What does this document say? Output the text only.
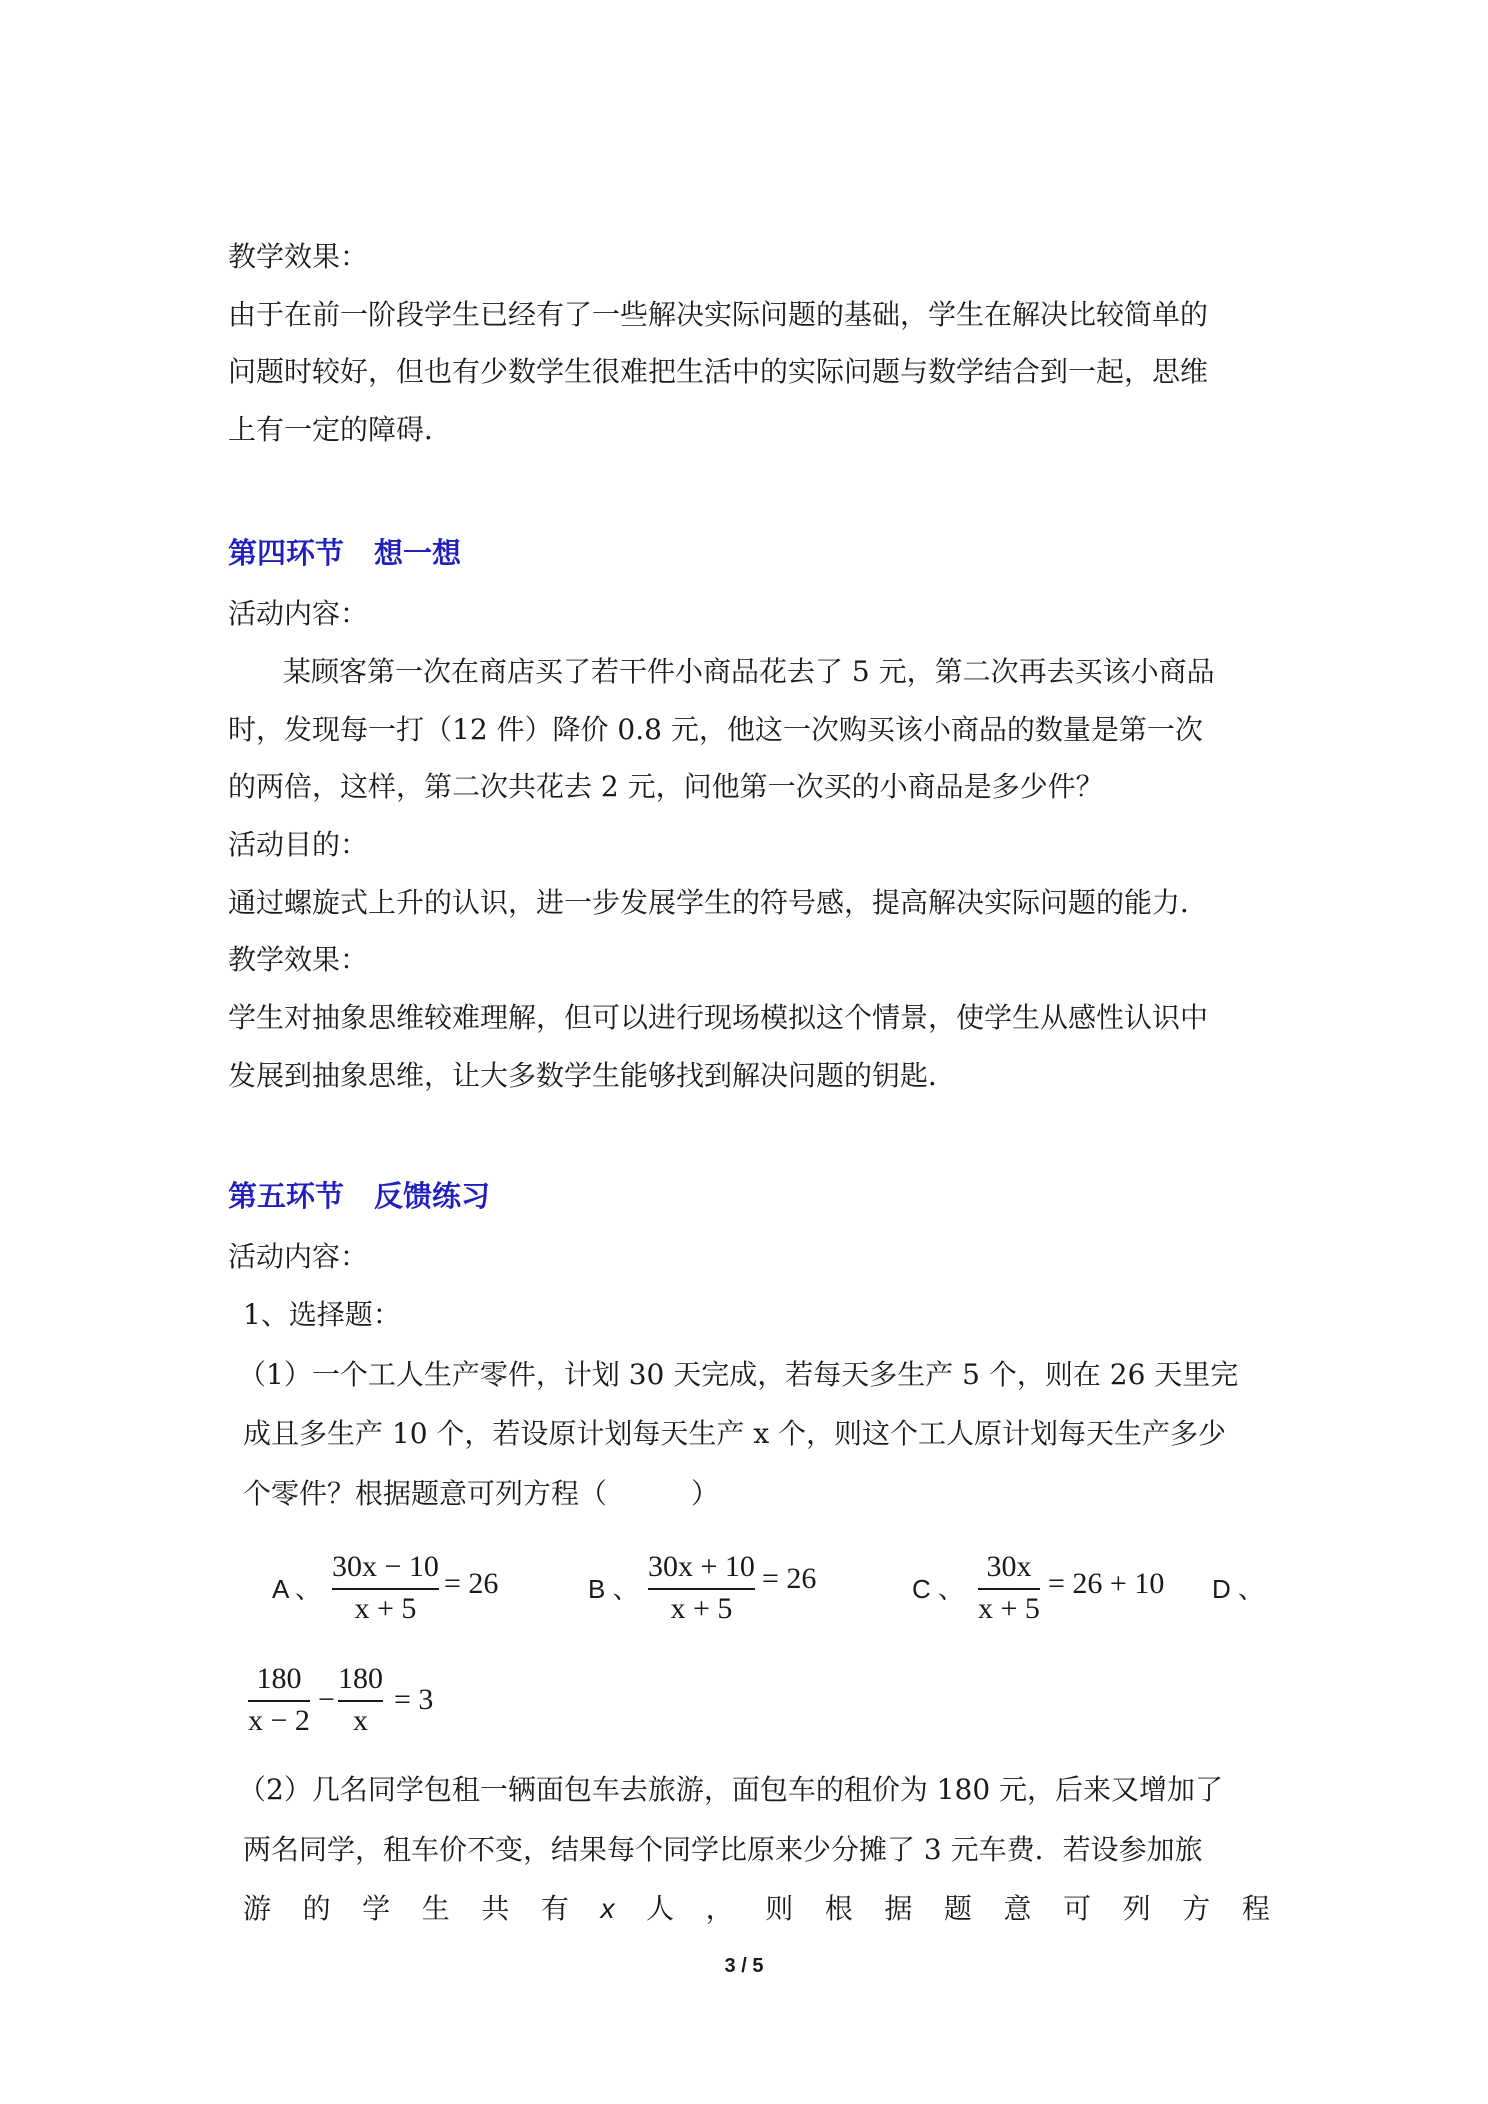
教学效果：
由于在前一阶段学生已经有了一些解决实际问题的基础，学生在解决比较简单的
问题时较好，但也有少数学生很难把生活中的实际问题与数学结合到一起，思维
上有一定的障碍．
第四环节 想一想
活动内容：
某顾客第一次在商店买了若干件小商品花去了 5 元，第二次再去买该小商品
时，发现每一打（12 件）降价 0.8 元，他这一次购买该小商品的数量是第一次
的两倍，这样，第二次共花去 2 元，问他第一次买的小商品是多少件？
活动目的：
通过螺旋式上升的认识，进一步发展学生的符号感，提高解决实际问题的能力．
教学效果：
学生对抽象思维较难理解，但可以进行现场模拟这个情景，使学生从感性认识中
发展到抽象思维，让大多数学生能够找到解决问题的钥匙．
第五环节 反馈练习
活动内容：
1、选择题：
（1）一个工人生产零件，计划 30 天完成，若每天多生产 5 个，则在 26 天里完
成且多生产 10 个，若设原计划每天生产 x 个，则这个工人原计划每天生产多少
个零件？根据题意可列方程（　　　）
A 、
30x − 10
x + 5
= 26	B 、
30x + 10
x + 5
= 26	C 、
30x
x + 5
= 26 + 10 D 、
180
x − 2
−
180
x
= 3
（2）几名同学包租一辆面包车去旅游，面包车的租价为 180 元，后来又增加了
两名同学，租车价不变，结果每个同学比原来少分摊了 3 元车费．若设参加旅
游 的 学 生 共 有 x 人 ， 则 根 据 题 意 可 列 方 程
3 / 5
